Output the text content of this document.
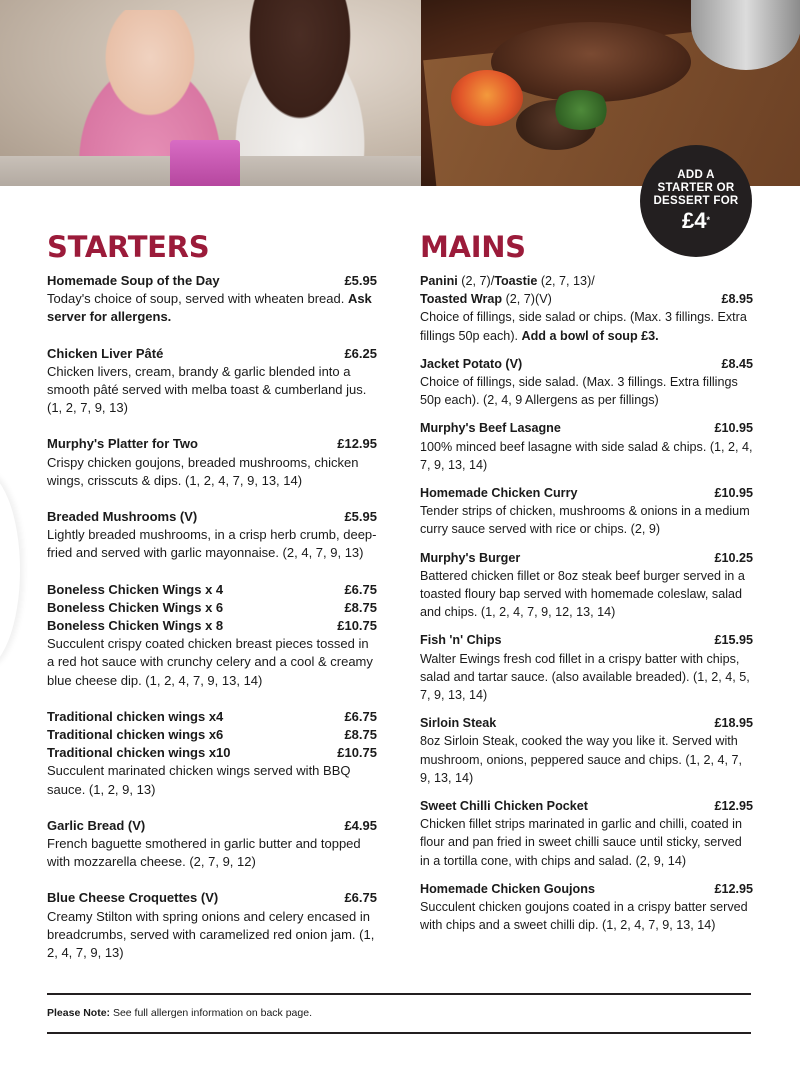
ADD A
STARTER OR
DESSERT FOR
£4*
STARTERS
Homemade Soup of the Day	£5.95
Today's choice of soup, served with wheaten bread. Ask server for allergens.
Chicken Liver Pâté	£6.25
Chicken livers, cream, brandy & garlic blended into a smooth pâté served with melba toast & cumberland jus. (1, 2, 7, 9, 13)
Murphy's Platter for Two	£12.95
Crispy chicken goujons, breaded mushrooms, chicken wings, crisscuts & dips. (1, 2, 4, 7, 9, 13, 14)
Breaded Mushrooms (V)	£5.95
Lightly breaded mushrooms, in a crisp herb crumb, deep-fried and served with garlic mayonnaise. (2, 4, 7, 9, 13)
Boneless Chicken Wings x 4	£6.75
Boneless Chicken Wings x 6	£8.75
Boneless Chicken Wings x 8	£10.75
Succulent crispy coated chicken breast pieces tossed in a red hot sauce with crunchy celery and a cool & creamy blue cheese dip. (1, 2, 4, 7, 9, 13, 14)
Traditional chicken wings x4	£6.75
Traditional chicken wings x6	£8.75
Traditional chicken wings x10	£10.75
Succulent marinated chicken wings served with BBQ sauce. (1, 2, 9, 13)
Garlic Bread (V)	£4.95
French baguette smothered in garlic butter and topped with mozzarella cheese. (2, 7, 9, 12)
Blue Cheese Croquettes (V)	£6.75
Creamy Stilton with spring onions and celery encased in breadcrumbs, served with caramelized red onion jam. (1, 2, 4, 7, 9, 13)
MAINS
Panini (2, 7)/Toastie (2, 7, 13)/
Toasted Wrap (2, 7)(V)	£8.95
Choice of fillings, side salad or chips. (Max. 3 fillings. Extra fillings 50p each). Add a bowl of soup £3.
Jacket Potato (V)	£8.45
Choice of fillings, side salad. (Max. 3 fillings. Extra fillings 50p each). (2, 4, 9 Allergens as per fillings)
Murphy's Beef Lasagne	£10.95
100% minced beef lasagne with side salad & chips. (1, 2, 4, 7, 9, 13, 14)
Homemade Chicken Curry	£10.95
Tender strips of chicken, mushrooms & onions in a medium curry sauce served with rice or chips. (2, 9)
Murphy's Burger	£10.25
Battered chicken fillet or 8oz steak beef burger served in a toasted floury bap served with homemade coleslaw, salad and chips. (1, 2, 4, 7, 9, 12, 13, 14)
Fish 'n' Chips	£15.95
Walter Ewings fresh cod fillet in a crispy batter with chips, salad and tartar sauce. (also available breaded). (1, 2, 4, 5, 7, 9, 13, 14)
Sirloin Steak	£18.95
8oz Sirloin Steak, cooked the way you like it. Served with mushroom, onions, peppered sauce and chips. (1, 2, 4, 7, 9, 13, 14)
Sweet Chilli Chicken Pocket	£12.95
Chicken fillet strips marinated in garlic and chilli, coated in flour and pan fried in sweet chilli sauce until sticky, served in a tortilla cone, with chips and salad. (2, 9, 14)
Homemade Chicken Goujons	£12.95
Succulent chicken goujons coated in a crispy batter served with chips and a sweet chilli dip. (1, 2, 4, 7, 9, 13, 14)
Please Note: See full allergen information on back page.
